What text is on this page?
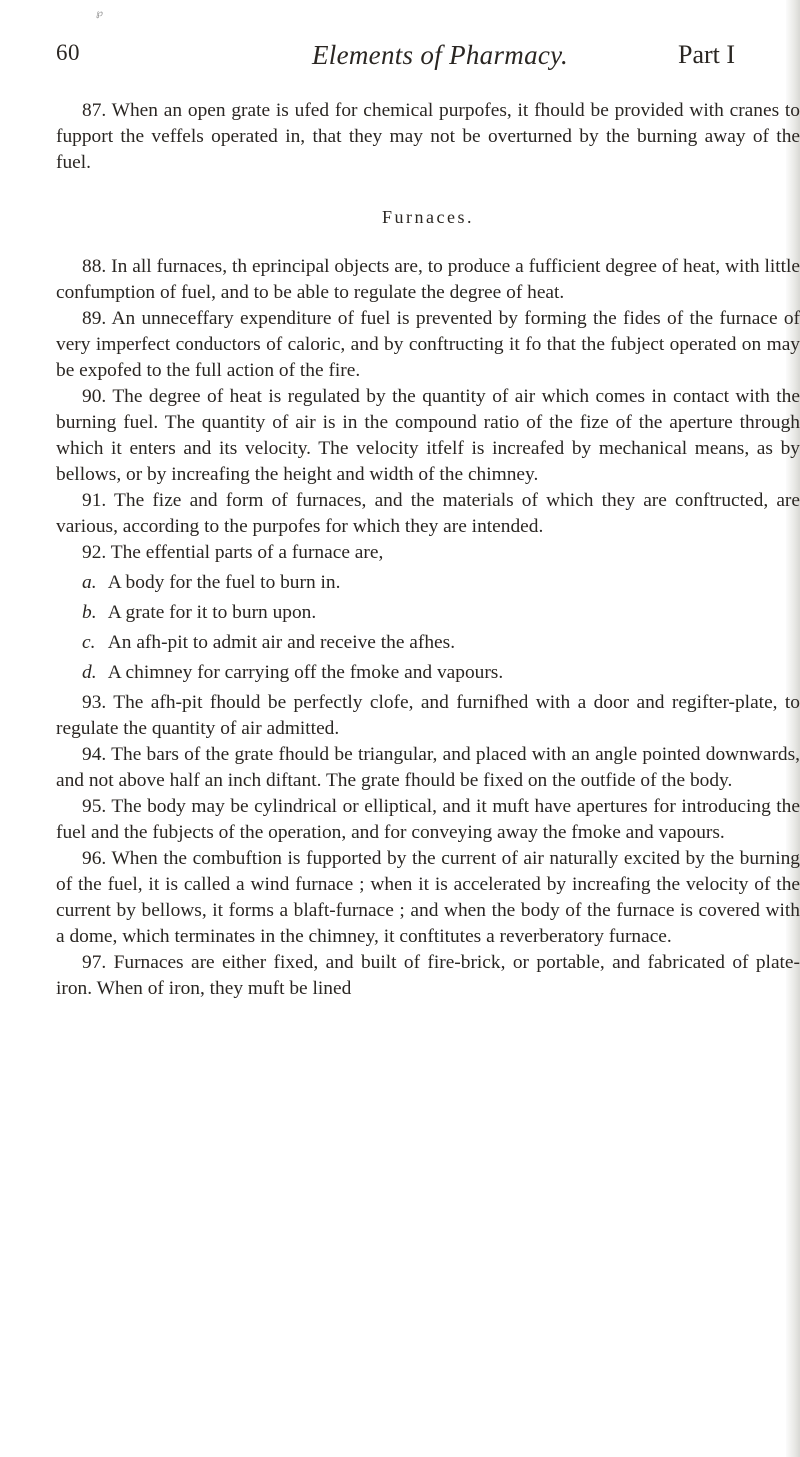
60	Elements of Pharmacy.	Part I

87. When an open grate is ufed for chemical purpofes, it fhould be provided with cranes to fupport the veffels operated in, that they may not be overturned by the burning away of the fuel.

Furnaces.

88. In all furnaces, th eprincipal objects are, to produce a fufficient degree of heat, with little confumption of fuel, and to be able to regulate the degree of heat.

89. An unneceffary expenditure of fuel is prevented by forming the fides of the furnace of very imperfect conductors of caloric, and by conftructing it fo that the fubject operated on may be expofed to the full action of the fire.

90. The degree of heat is regulated by the quantity of air which comes in contact with the burning fuel. The quantity of air is in the compound ratio of the fize of the aperture through which it enters and its velocity. The velocity itfelf is increafed by mechanical means, as by bellows, or by increafing the height and width of the chimney.

91. The fize and form of furnaces, and the materials of which they are conftructed, are various, according to the purpofes for which they are intended.

92. The effential parts of a furnace are,

a. A body for the fuel to burn in.
b. A grate for it to burn upon.
c. An afh-pit to admit air and receive the afhes.
d. A chimney for carrying off the fmoke and vapours.

93. The afh-pit fhould be perfectly clofe, and furnifhed with a door and regifter-plate, to regulate the quantity of air admitted.

94. The bars of the grate fhould be triangular, and placed with an angle pointed downwards, and not above half an inch diftant. The grate fhould be fixed on the outfide of the body.

95. The body may be cylindrical or elliptical, and it muft have apertures for introducing the fuel and the fubjects of the operation, and for conveying away the fmoke and vapours.

96. When the combuftion is fupported by the current of air naturally excited by the burning of the fuel, it is called a wind furnace ; when it is accelerated by increafing the velocity of the current by bellows, it forms a blaft-furnace ; and when the body of the furnace is covered with a dome, which terminates in the chimney, it conftitutes a reverberatory furnace.

97. Furnaces are either fixed, and built of fire-brick, or portable, and fabricated of plate-iron. When of iron, they muft be lined

℘
